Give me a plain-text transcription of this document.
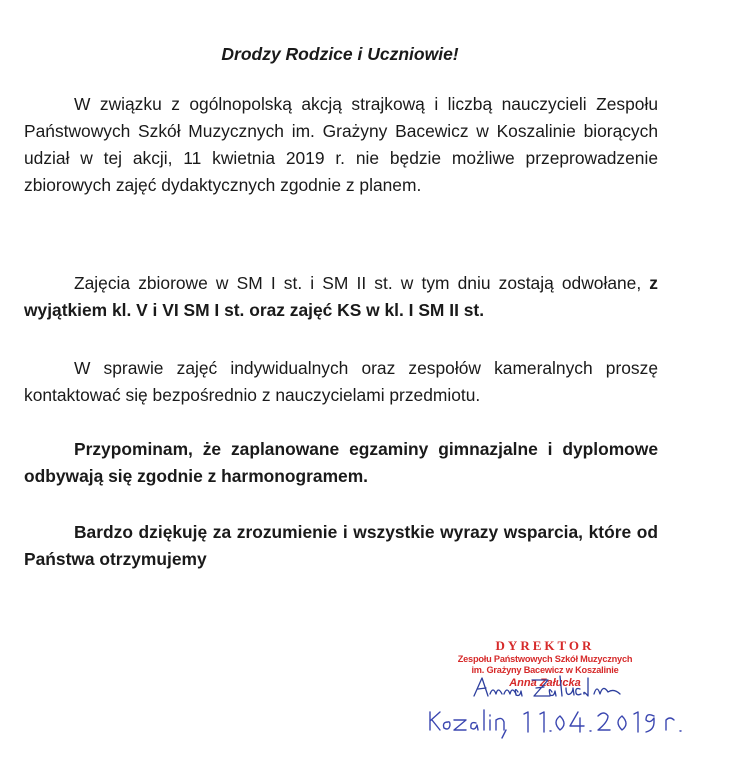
Drodzy Rodzice i Uczniowie!
W związku z ogólnopolską akcją strajkową i liczbą nauczycieli Zespołu Państwowych Szkół Muzycznych im. Grażyny Bacewicz w Koszalinie biorących udział w tej akcji, 11 kwietnia 2019 r. nie będzie możliwe przeprowadzenie zbiorowych zajęć dydaktycznych zgodnie z planem.
Zajęcia zbiorowe w SM I st. i SM II st. w tym dniu zostają odwołane, z wyjątkiem kl. V i VI SM I st. oraz zajęć KS w kl. I SM II st.
W sprawie zajęć indywidualnych oraz zespołów kameralnych proszę kontaktować się bezpośrednio z nauczycielami przedmiotu.
Przypominam, że zaplanowane egzaminy gimnazjalne i dyplomowe odbywają się zgodnie z harmonogramem.
Bardzo dziękuję za zrozumienie i wszystkie wyrazy wsparcia, które od Państwa otrzymujemy
DYREKTOR
Zespołu Państwowych Szkół Muzycznych
im. Grażyny Bacewicz w Koszalinie
Anna Załucka
